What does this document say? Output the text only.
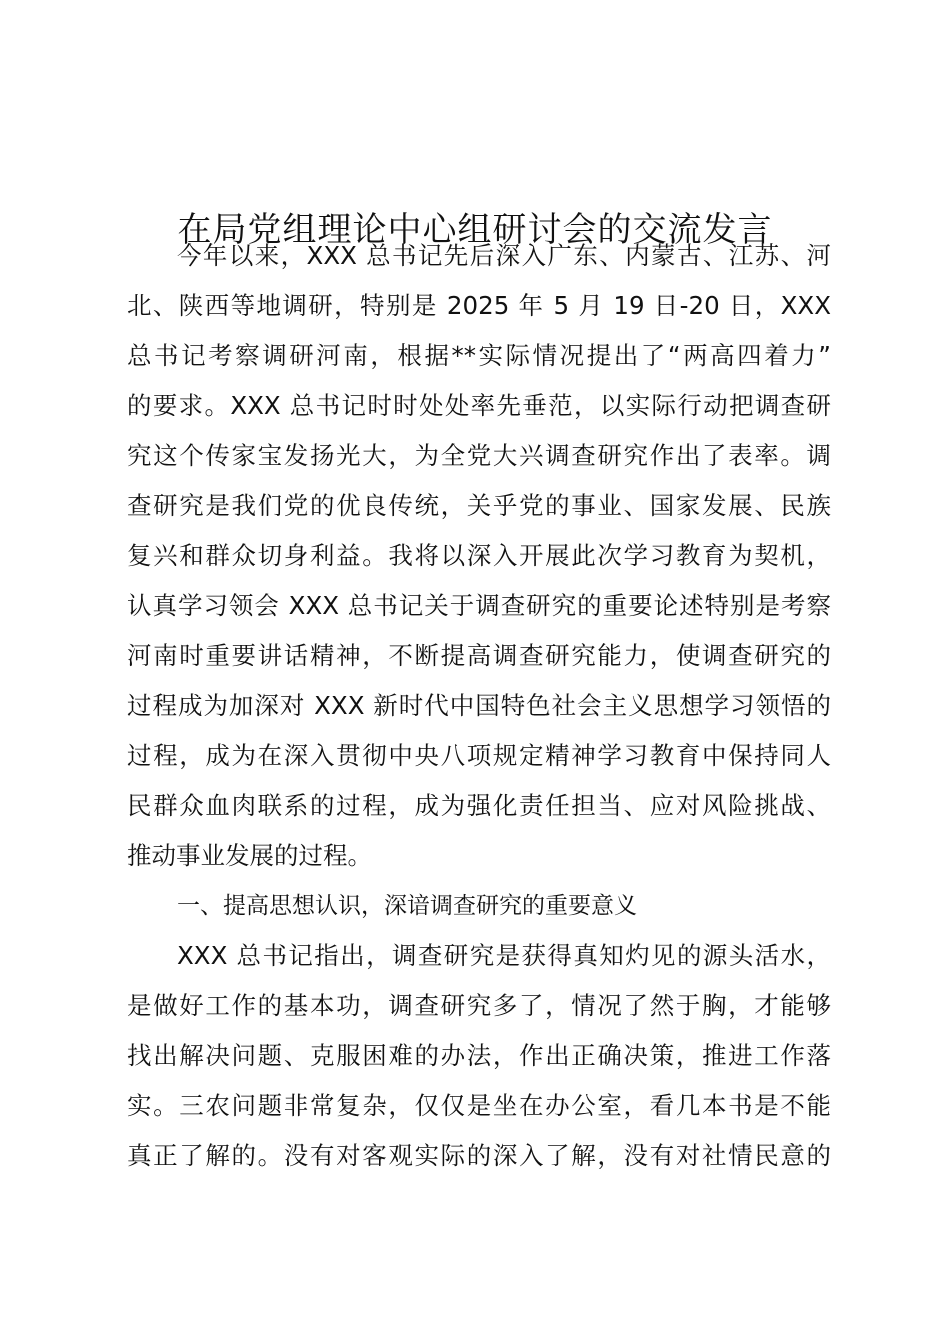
在局党组理论中心组研讨会的交流发言

今年以来，XXX 总书记先后深入广东、内蒙古、江苏、河
北、陕西等地调研，特别是 2025 年 5 月 19 日-20 日，XXX
总书记考察调研河南，根据**实际情况提出了“两高四着力”
的要求。XXX 总书记时时处处率先垂范，以实际行动把调查研
究这个传家宝发扬光大，为全党大兴调查研究作出了表率。调
查研究是我们党的优良传统，关乎党的事业、国家发展、民族
复兴和群众切身利益。我将以深入开展此次学习教育为契机，
认真学习领会 XXX 总书记关于调查研究的重要论述特别是考察
河南时重要讲话精神，不断提高调查研究能力，使调查研究的
过程成为加深对 XXX 新时代中国特色社会主义思想学习领悟的
过程，成为在深入贯彻中央八项规定精神学习教育中保持同人
民群众血肉联系的过程，成为强化责任担当、应对风险挑战、
推动事业发展的过程。

一、提高思想认识，深谙调查研究的重要意义

XXX 总书记指出，调查研究是获得真知灼见的源头活水，
是做好工作的基本功，调查研究多了，情况了然于胸，才能够
找出解决问题、克服困难的办法，作出正确决策，推进工作落
实。三农问题非常复杂，仅仅是坐在办公室，看几本书是不能
真正了解的。没有对客观实际的深入了解，没有对社情民意的
